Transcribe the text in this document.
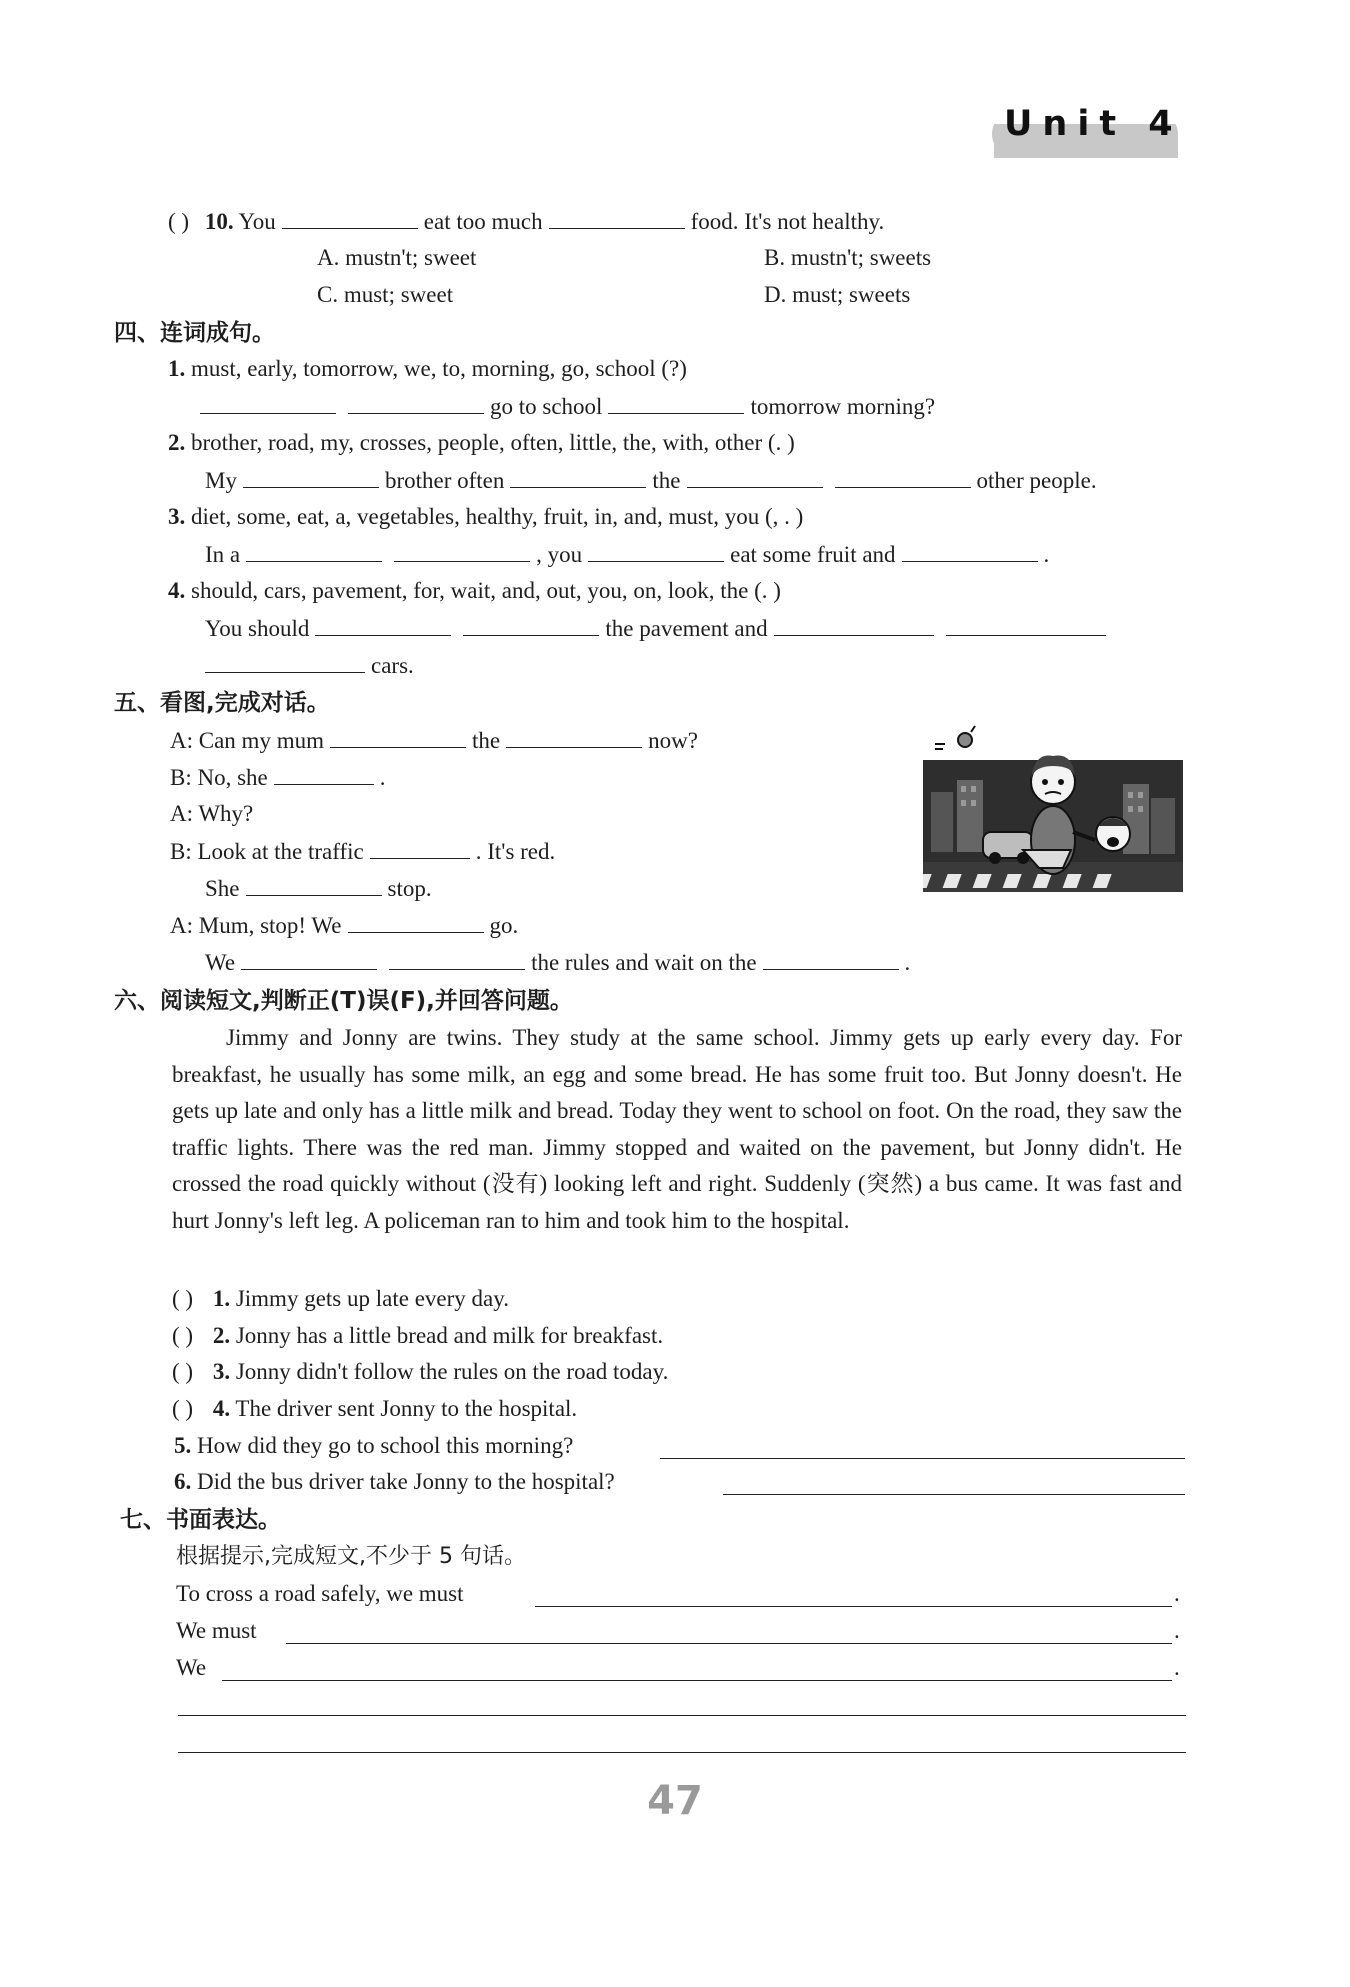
Unit 4
( ) 10. You	eat too much	food. It's not healthy.
A. mustn't; sweet	B. mustn't; sweets
C. must; sweet	D. must; sweets
四、连词成句。
1. must, early, tomorrow, we, to, morning, go, school (?)
go to school	tomorrow morning?
2. brother, road, my, crosses, people, often, little, the, with, other (. )
My	brother often	the	other people.
3. diet, some, eat, a, vegetables, healthy, fruit, in, and, must, you (, . )
In a	, you	eat some fruit and	.
4. should, cars, pavement, for, wait, and, out, you, on, look, the (. )
You should	the pavement and
cars.
五、看图,完成对话。
A: Can my mum	the	now?
B: No, she	.
A: Why?
B: Look at the traffic	. It's red.
She	stop.
A: Mum, stop! We	go.
We	the rules and wait on the	.
六、阅读短文,判断正(T)误(F),并回答问题。
Jimmy and Jonny are twins. They study at the same school. Jimmy gets up early every day. For breakfast, he usually has some milk, an egg and some bread. He has some fruit too. But Jonny doesn't. He gets up late and only has a little milk and bread. Today they went to school on foot. On the road, they saw the traffic lights. There was the red man. Jimmy stopped and waited on the pavement, but Jonny didn't. He crossed the road quickly without (没有) looking left and right. Suddenly (突然) a bus came. It was fast and hurt Jonny's left leg. A policeman ran to him and took him to the hospital.
( ) 1. Jimmy gets up late every day.
( ) 2. Jonny has a little bread and milk for breakfast.
( ) 3. Jonny didn't follow the rules on the road today.
( ) 4. The driver sent Jonny to the hospital.
5. How did they go to school this morning?
6. Did the bus driver take Jonny to the hospital?
七、书面表达。
根据提示,完成短文,不少于 5 句话。
To cross a road safely, we must	.
We must	.
We	.
47
